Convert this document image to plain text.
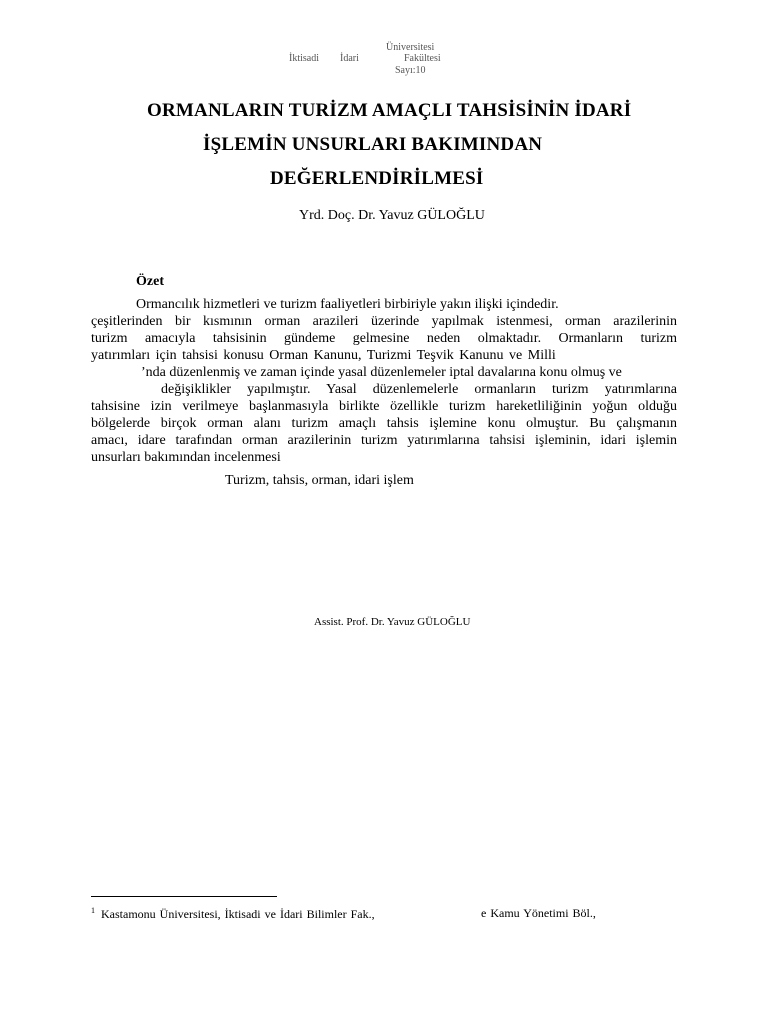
Üniversitesi
İktisadi İdari	Fakültesi
Sayı:10
ORMANLARIN TURİZM AMAÇLI TAHSİSİNİN İDARİ
İŞLEMİN UNSURLARI BAKIMINDAN
DEĞERLENDİRİLMESİ
Yrd. Doç. Dr. Yavuz GÜLOĞLU
Özet
Ormancılık hizmetleri ve turizm faaliyetleri birbiriyle yakın ilişki içindedir.
çeşitlerinden bir kısmının orman arazileri üzerinde yapılmak istenmesi, orman arazilerinin
turizm amacıyla tahsisinin gündeme gelmesine neden olmaktadır. Ormanların turizm
yatırımları için tahsisi konusu Orman Kanunu, Turizmi Teşvik Kanunu ve Milli
’nda düzenlenmiş ve zaman içinde yasal düzenlemeler iptal davalarına konu olmuş ve
değişiklikler yapılmıştır. Yasal düzenlemelerle ormanların turizm yatırımlarına
tahsisine izin verilmeye başlanmasıyla birlikte özellikle turizm hareketliliğinin yoğun olduğu
bölgelerde birçok orman alanı turizm amaçlı tahsis işlemine konu olmuştur. Bu çalışmanın
amacı, idare tarafından orman arazilerinin turizm yatırımlarına tahsisi işleminin, idari işlemin
unsurları bakımından incelenmesi
Turizm, tahsis, orman, idari işlem
Assist. Prof. Dr. Yavuz GÜLOĞLU
$^1$ Kastamonu Üniversitesi, İktisadi ve İdari Bilimler Fak.,	e Kamu Yönetimi Böl.,
